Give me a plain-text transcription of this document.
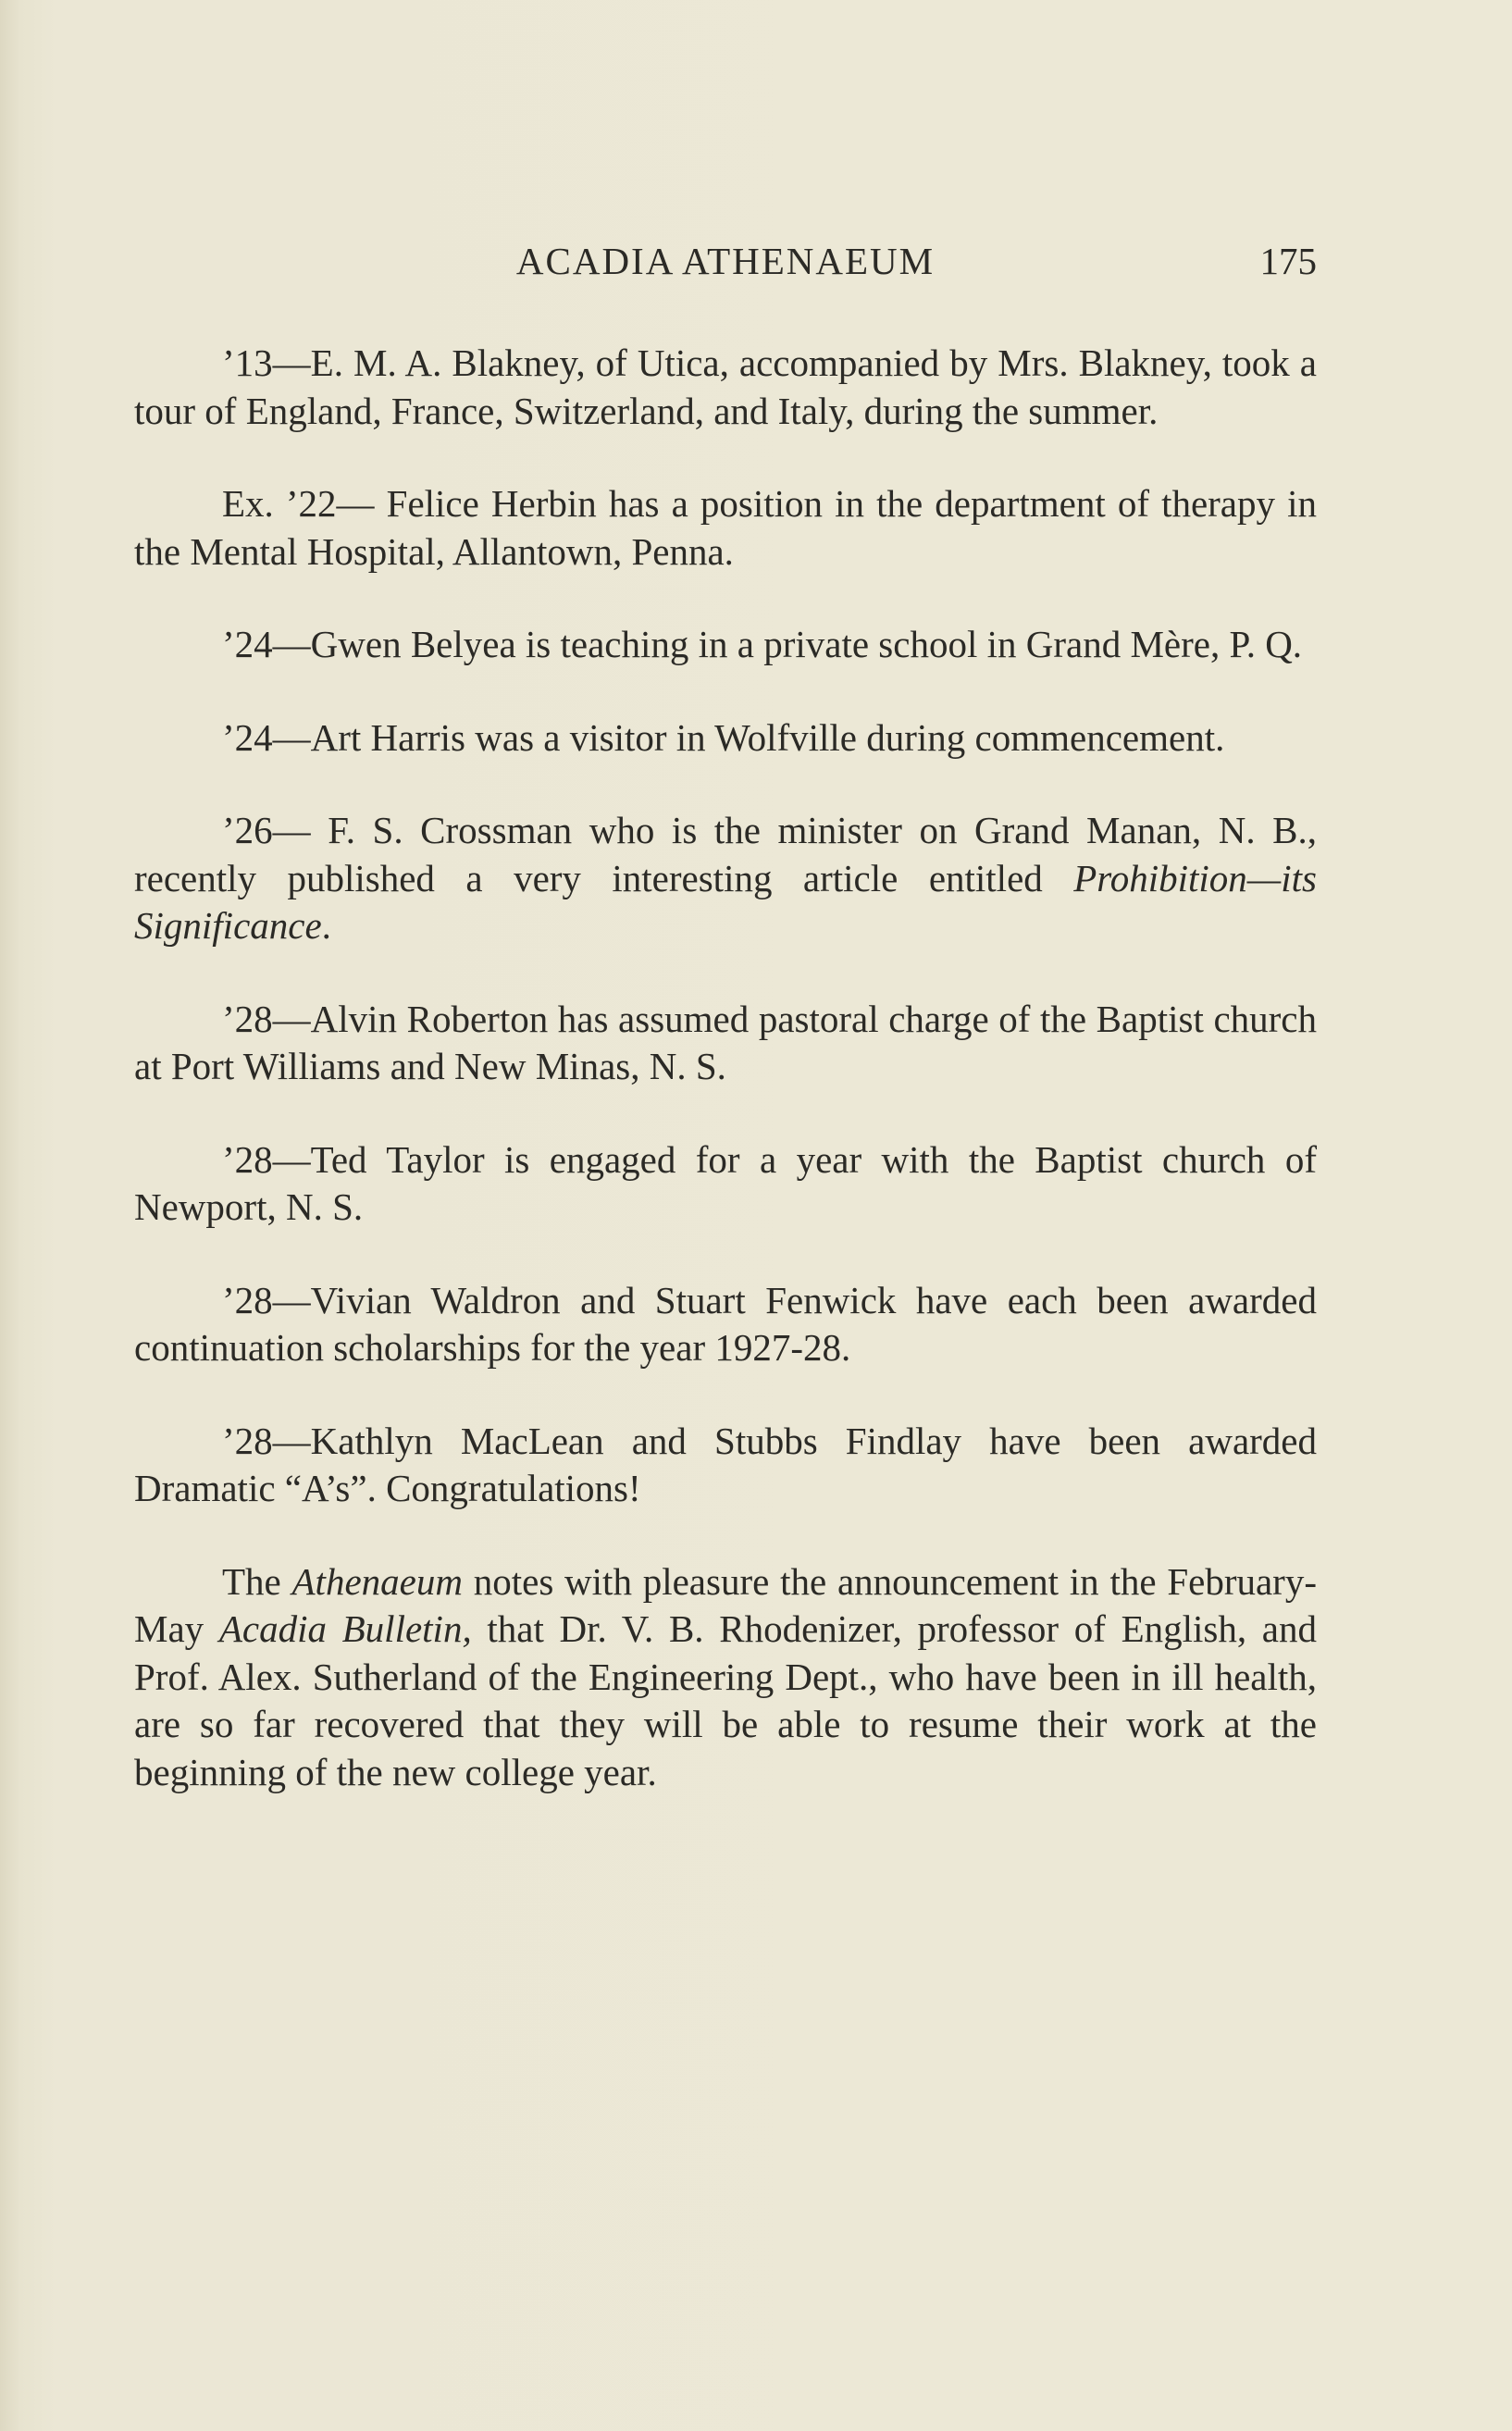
ACADIA ATHENAEUM	175

’13—E. M. A. Blakney, of Utica, accompanied by Mrs. Blakney, took a tour of England, France, Switzerland, and Italy, during the summer.

Ex. ’22— Felice Herbin has a position in the department of therapy in the Mental Hospital, Allantown, Penna.

’24—Gwen Belyea is teaching in a private school in Grand Mère, P. Q.

’24—Art Harris was a visitor in Wolfville during commencement.

’26— F. S. Crossman who is the minister on Grand Manan, N. B., recently published a very interesting article entitled Prohibition—its Significance.

’28—Alvin Roberton has assumed pastoral charge of the Baptist church at Port Williams and New Minas, N. S.

’28—Ted Taylor is engaged for a year with the Baptist church of Newport, N. S.

’28—Vivian Waldron and Stuart Fenwick have each been awarded continuation scholarships for the year 1927-28.

’28—Kathlyn MacLean and Stubbs Findlay have been awarded Dramatic “A’s”. Congratulations!

The Athenaeum notes with pleasure the announcement in the February-May Acadia Bulletin, that Dr. V. B. Rhodenizer, professor of English, and Prof. Alex. Sutherland of the Engineering Dept., who have been in ill health, are so far recovered that they will be able to resume their work at the beginning of the new college year.
